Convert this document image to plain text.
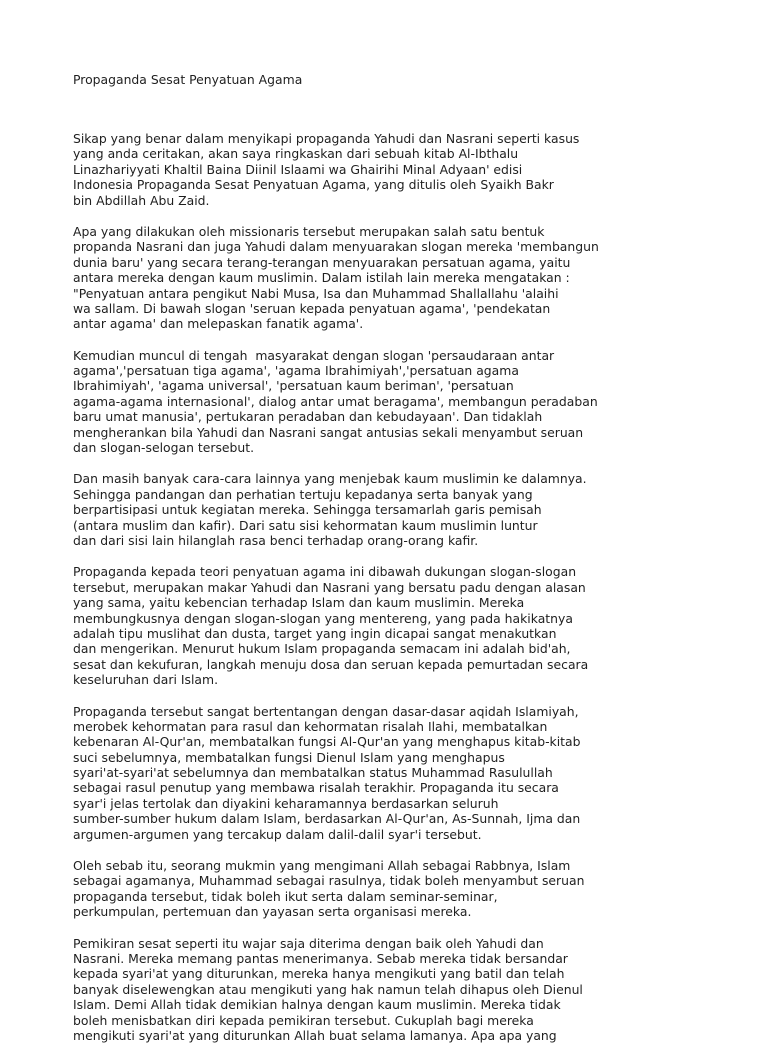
Propaganda Sesat Penyatuan Agama
Sikap yang benar dalam menyikapi propaganda Yahudi dan Nasrani seperti kasus
yang anda ceritakan, akan saya ringkaskan dari sebuah kitab Al-Ibthalu
Linazhariyyati Khaltil Baina Diinil Islaami wa Ghairihi Minal Adyaan' edisi
Indonesia Propaganda Sesat Penyatuan Agama, yang ditulis oleh Syaikh Bakr
bin Abdillah Abu Zaid.
Apa yang dilakukan oleh missionaris tersebut merupakan salah satu bentuk
propanda Nasrani dan juga Yahudi dalam menyuarakan slogan mereka 'membangun
dunia baru' yang secara terang-terangan menyuarakan persatuan agama, yaitu
antara mereka dengan kaum muslimin. Dalam istilah lain mereka mengatakan :
"Penyatuan antara pengikut Nabi Musa, Isa dan Muhammad Shallallahu 'alaihi
wa sallam. Di bawah slogan 'seruan kepada penyatuan agama', 'pendekatan
antar agama' dan melepaskan fanatik agama'.
Kemudian muncul di tengah  masyarakat dengan slogan 'persaudaraan antar
agama','persatuan tiga agama', 'agama Ibrahimiyah','persatuan agama
Ibrahimiyah', 'agama universal', 'persatuan kaum beriman', 'persatuan
agama-agama internasional', dialog antar umat beragama', membangun peradaban
baru umat manusia', pertukaran peradaban dan kebudayaan'. Dan tidaklah
mengherankan bila Yahudi dan Nasrani sangat antusias sekali menyambut seruan
dan slogan-selogan tersebut.
Dan masih banyak cara-cara lainnya yang menjebak kaum muslimin ke dalamnya.
Sehingga pandangan dan perhatian tertuju kepadanya serta banyak yang
berpartisipasi untuk kegiatan mereka. Sehingga tersamarlah garis pemisah
(antara muslim dan kafir). Dari satu sisi kehormatan kaum muslimin luntur
dan dari sisi lain hilanglah rasa benci terhadap orang-orang kafir.
Propaganda kepada teori penyatuan agama ini dibawah dukungan slogan-slogan
tersebut, merupakan makar Yahudi dan Nasrani yang bersatu padu dengan alasan
yang sama, yaitu kebencian terhadap Islam dan kaum muslimin. Mereka
membungkusnya dengan slogan-slogan yang mentereng, yang pada hakikatnya
adalah tipu muslihat dan dusta, target yang ingin dicapai sangat menakutkan
dan mengerikan. Menurut hukum Islam propaganda semacam ini adalah bid'ah,
sesat dan kekufuran, langkah menuju dosa dan seruan kepada pemurtadan secara
keseluruhan dari Islam.
Propaganda tersebut sangat bertentangan dengan dasar-dasar aqidah Islamiyah,
merobek kehormatan para rasul dan kehormatan risalah Ilahi, membatalkan
kebenaran Al-Qur'an, membatalkan fungsi Al-Qur'an yang menghapus kitab-kitab
suci sebelumnya, membatalkan fungsi Dienul Islam yang menghapus
syari'at-syari'at sebelumnya dan membatalkan status Muhammad Rasulullah
sebagai rasul penutup yang membawa risalah terakhir. Propaganda itu secara
syar'i jelas tertolak dan diyakini keharamannya berdasarkan seluruh
sumber-sumber hukum dalam Islam, berdasarkan Al-Qur'an, As-Sunnah, Ijma dan
argumen-argumen yang tercakup dalam dalil-dalil syar'i tersebut.
Oleh sebab itu, seorang mukmin yang mengimani Allah sebagai Rabbnya, Islam
sebagai agamanya, Muhammad sebagai rasulnya, tidak boleh menyambut seruan
propaganda tersebut, tidak boleh ikut serta dalam seminar-seminar,
perkumpulan, pertemuan dan yayasan serta organisasi mereka.
Pemikiran sesat seperti itu wajar saja diterima dengan baik oleh Yahudi dan
Nasrani. Mereka memang pantas menerimanya. Sebab mereka tidak bersandar
kepada syari'at yang diturunkan, mereka hanya mengikuti yang batil dan telah
banyak diselewengkan atau mengikuti yang hak namun telah dihapus oleh Dienul
Islam. Demi Allah tidak demikian halnya dengan kaum muslimin. Mereka tidak
boleh menisbatkan diri kepada pemikiran tersebut. Cukuplah bagi mereka
mengikuti syari'at yang diturunkan Allah buat selama lamanya. Apa apa yang
